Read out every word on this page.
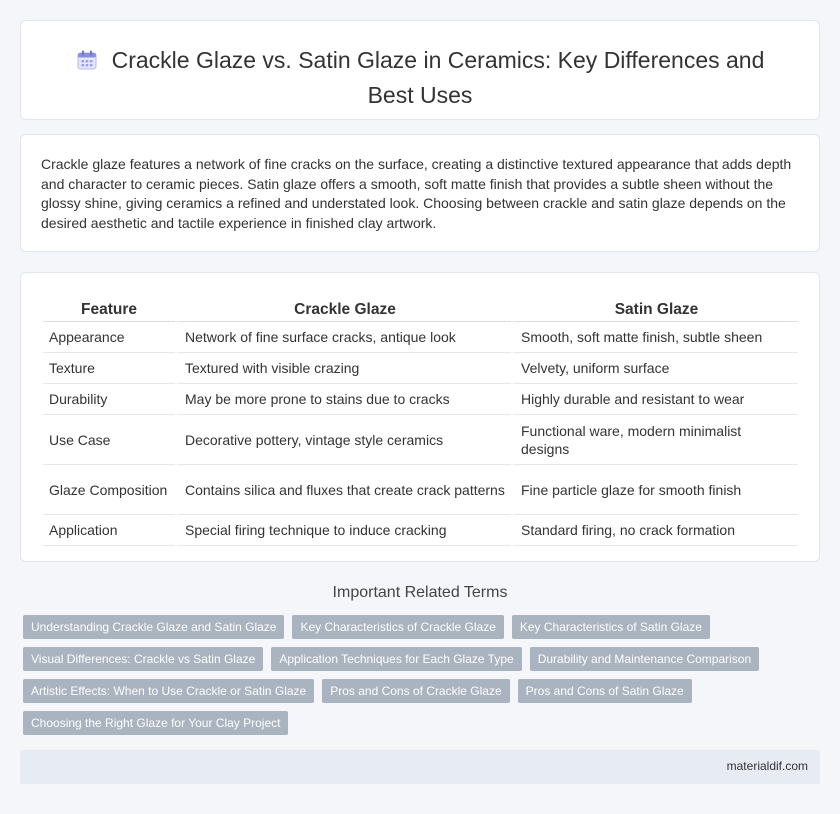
Crackle Glaze vs. Satin Glaze in Ceramics: Key Differences and Best Uses

Crackle glaze features a network of fine cracks on the surface, creating a distinctive textured appearance that adds depth and character to ceramic pieces. Satin glaze offers a smooth, soft matte finish that provides a subtle sheen without the glossy shine, giving ceramics a refined and understated look. Choosing between crackle and satin glaze depends on the desired aesthetic and tactile experience in finished clay artwork.

Feature	Crackle Glaze	Satin Glaze
Appearance	Network of fine surface cracks, antique look	Smooth, soft matte finish, subtle sheen
Texture	Textured with visible crazing	Velvety, uniform surface
Durability	May be more prone to stains due to cracks	Highly durable and resistant to wear
Use Case	Decorative pottery, vintage style ceramics	Functional ware, modern minimalist designs
Glaze Composition	Contains silica and fluxes that create crack patterns	Fine particle glaze for smooth finish
Application	Special firing technique to induce cracking	Standard firing, no crack formation
Important Related Terms
Understanding Crackle Glaze and Satin Glaze	Key Characteristics of Crackle Glaze	Key Characteristics of Satin Glaze
Visual Differences: Crackle vs Satin Glaze	Application Techniques for Each Glaze Type	Durability and Maintenance Comparison
Artistic Effects: When to Use Crackle or Satin Glaze	Pros and Cons of Crackle Glaze	Pros and Cons of Satin Glaze
Choosing the Right Glaze for Your Clay Project
materialdif.com
